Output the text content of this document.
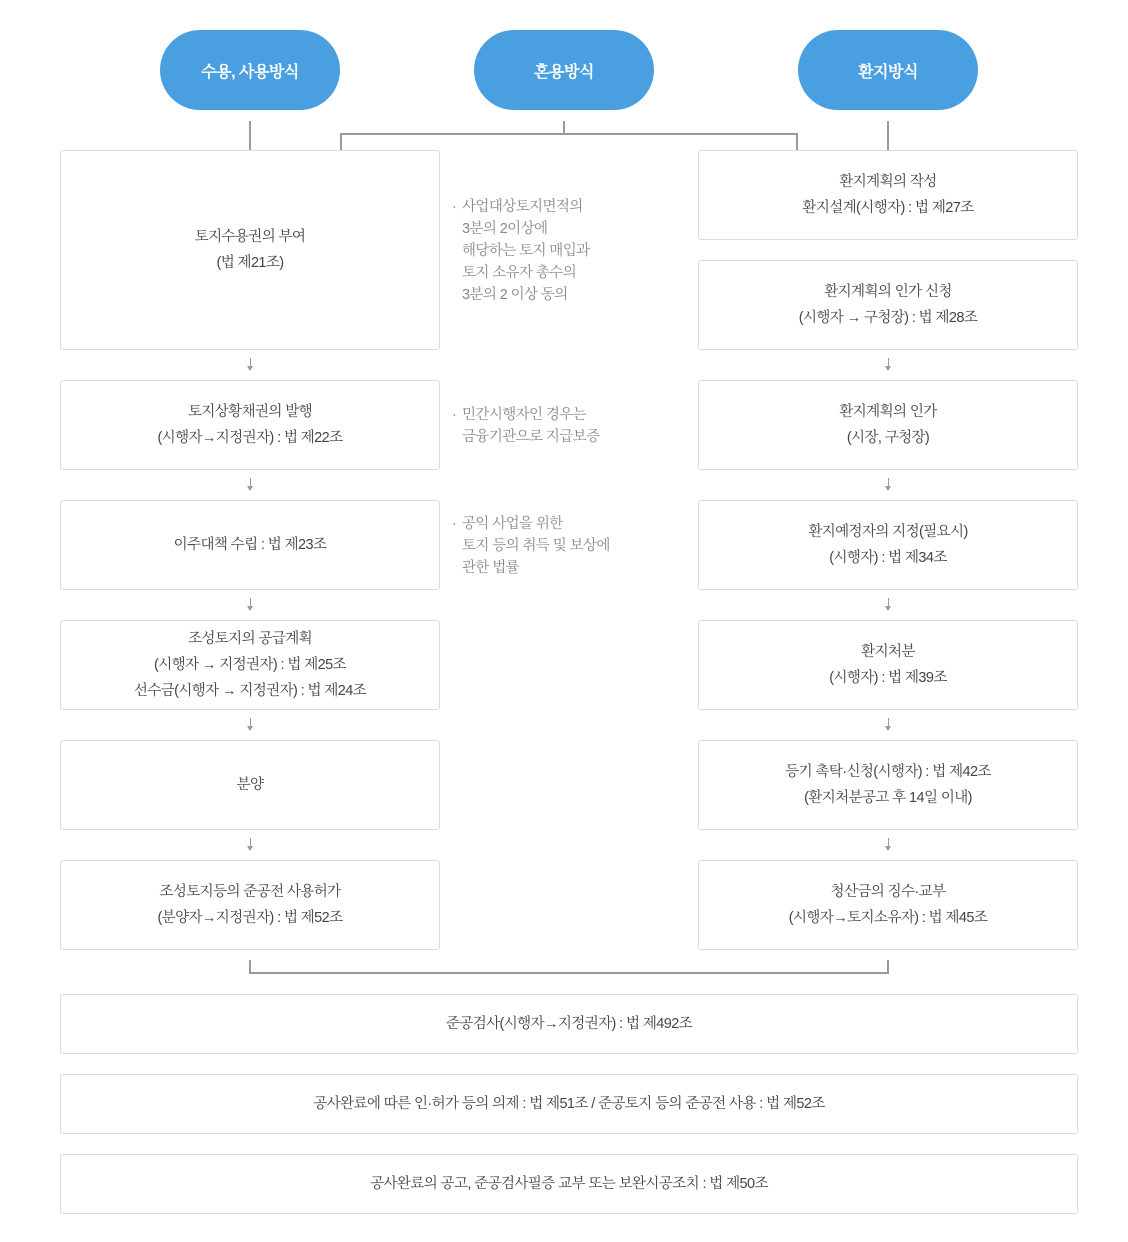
수용, 사용방식	혼용방식	환지방식
토지수용권의 부여
(법 제21조)
토지상황채권의 발행
(시행자→지정권자) : 법 제22조
이주대책 수립 : 법 제23조
조성토지의 공급계획
(시행자 → 지정권자) : 법 제25조
선수금(시행자 → 지정권자) : 법 제24조
분양
조성토지등의 준공전 사용허가
(분양자→지정권자) : 법 제52조
· 사업대상토지면적의
3분의 2이상에
해당하는 토지 매입과
토지 소유자 총수의
3분의 2 이상 동의
· 민간시행자인 경우는
금융기관으로 지급보증
· 공익 사업을 위한
토지 등의 취득 및 보상에
관한 법률
환지계획의 작성
환지설계(시행자) : 법 제27조
환지계획의 인가 신청
(시행자 → 구청장) : 법 제28조
환지계획의 인가
(시장, 구청장)
환지예정자의 지정(필요시)
(시행자) : 법 제34조
환지처분
(시행자) : 법 제39조
등기 촉탁·신청(시행자) : 법 제42조
(환지처분공고 후 14일 이내)
청산금의 징수·교부
(시행자→토지소유자) : 법 제45조
준공검사(시행자→지정권자) : 법 제492조
공사완료에 따른 인·허가 등의 의제 : 법 제51조 / 준공토지 등의 준공전 사용 : 법 제52조
공사완료의 공고, 준공검사필증 교부 또는 보완시공조치 : 법 제50조
